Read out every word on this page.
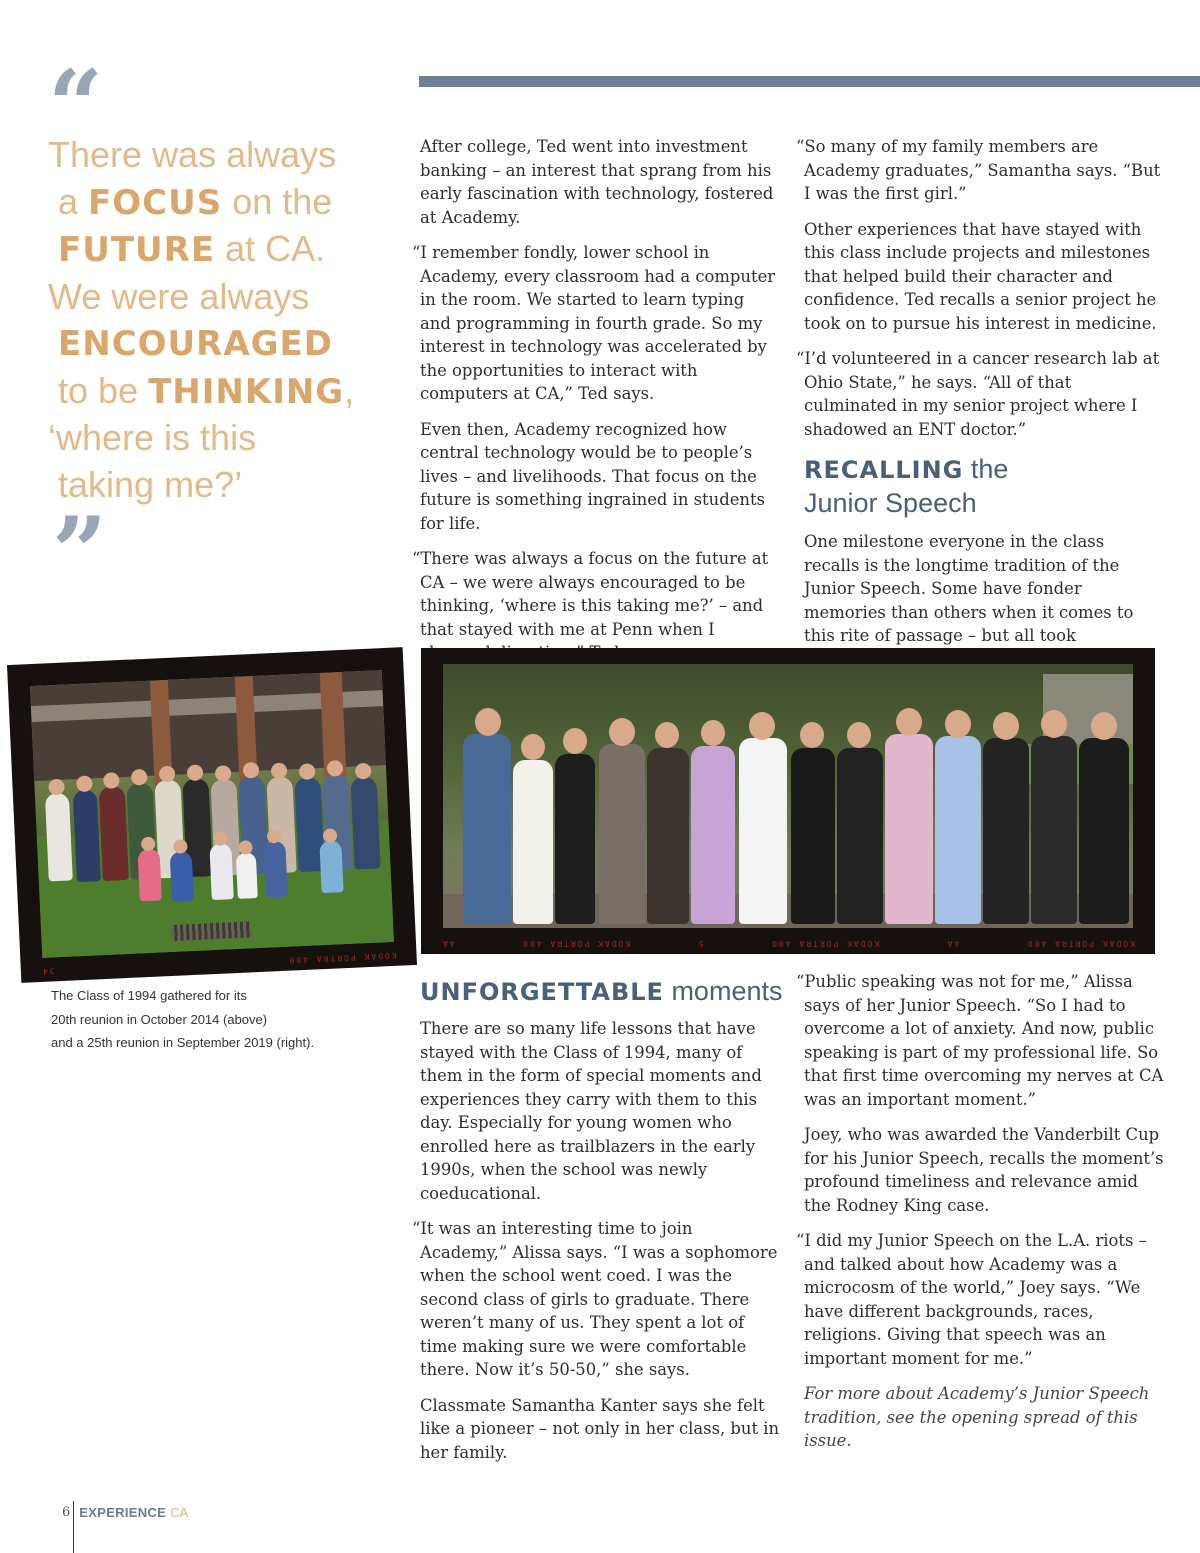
“
There was always
a FOCUS on the
FUTURE at CA.
We were always
ENCOURAGED
to be THINKING,
‘where is this
taking me?’
”

After college, Ted went into investment banking – an interest that sprang from his early fascination with technology, fostered at Academy.

“I remember fondly, lower school in Academy, every classroom had a computer in the room. We started to learn typing and programming in fourth grade. So my interest in technology was accelerated by the opportunities to interact with computers at CA,” Ted says.

Even then, Academy recognized how central technology would be to people’s lives – and livelihoods. That focus on the future is something ingrained in students for life.

“There was always a focus on the future at CA – we were always encouraged to be thinking, ‘where is this taking me?’ – and that stayed with me at Penn when I

“So many of my family members are Academy graduates,” Samantha says. “But I was the first girl.”

Other experiences that have stayed with this class include projects and milestones that helped build their character and confidence. Ted recalls a senior project he took on to pursue his interest in medicine.

“I’d volunteered in a cancer research lab at Ohio State,” he says. “All of that culminated in my senior project where I shadowed an ENT doctor.”

RECALLING the
Junior Speech

One milestone everyone in the class recalls is the longtime tradition of the Junior Speech. Some have fonder memories than others when it comes to this rite of passage – but all took

KODAK PORTRA 400
34
KODAK PORTRA 400
4A
KODAK PORTRA 400
5
KODAK PORTRA 400
4A
The Class of 1994 gathered for its
20th reunion in October 2014 (above)
and a 25th reunion in September 2019 (right).
UNFORGETTABLE moments

There are so many life lessons that have stayed with the Class of 1994, many of them in the form of special moments and experiences they carry with them to this day. Especially for young women who enrolled here as trailblazers in the early 1990s, when the school was newly coeducational.

“It was an interesting time to join Academy,” Alissa says. “I was a sophomore when the school went coed. I was the second class of girls to graduate. There weren’t many of us. They spent a lot of time making sure we were comfortable there. Now it’s 50-50,” she says.

Classmate Samantha Kanter says she felt like a pioneer – not only in her class, but in her family.

“Public speaking was not for me,” Alissa says of her Junior Speech. “So I had to overcome a lot of anxiety. And now, public speaking is part of my professional life. So that first time overcoming my nerves at CA was an important moment.”

Joey, who was awarded the Vanderbilt Cup for his Junior Speech, recalls the moment’s profound timeliness and relevance amid the Rodney King case.

“I did my Junior Speech on the L.A. riots – and talked about how Academy was a microcosm of the world,” Joey says. “We have different backgrounds, races, religions. Giving that speech was an important moment for me.”

For more about Academy’s Junior Speech tradition, see the opening spread of this issue.

6 EXPERIENCE CA
